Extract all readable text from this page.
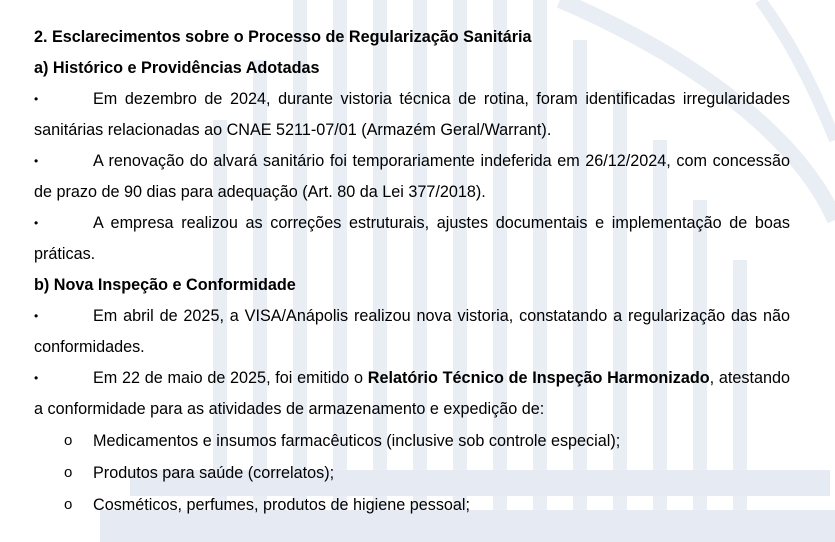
2. Esclarecimentos sobre o Processo de Regularização Sanitária
a) Histórico e Providências Adotadas
•	Em dezembro de 2024, durante vistoria técnica de rotina, foram identificadas irregularidades sanitárias relacionadas ao CNAE 5211-07/01 (Armazém Geral/Warrant).
•	A renovação do alvará sanitário foi temporariamente indeferida em 26/12/2024, com concessão de prazo de 90 dias para adequação (Art. 80 da Lei 377/2018).
•	A empresa realizou as correções estruturais, ajustes documentais e implementação de boas práticas.
b) Nova Inspeção e Conformidade
•	Em abril de 2025, a VISA/Anápolis realizou nova vistoria, constatando a regularização das não conformidades.
•	Em 22 de maio de 2025, foi emitido o Relatório Técnico de Inspeção Harmonizado, atestando a conformidade para as atividades de armazenamento e expedição de:
o Medicamentos e insumos farmacêuticos (inclusive sob controle especial);
o Produtos para saúde (correlatos);
o Cosméticos, perfumes, produtos de higiene pessoal;
